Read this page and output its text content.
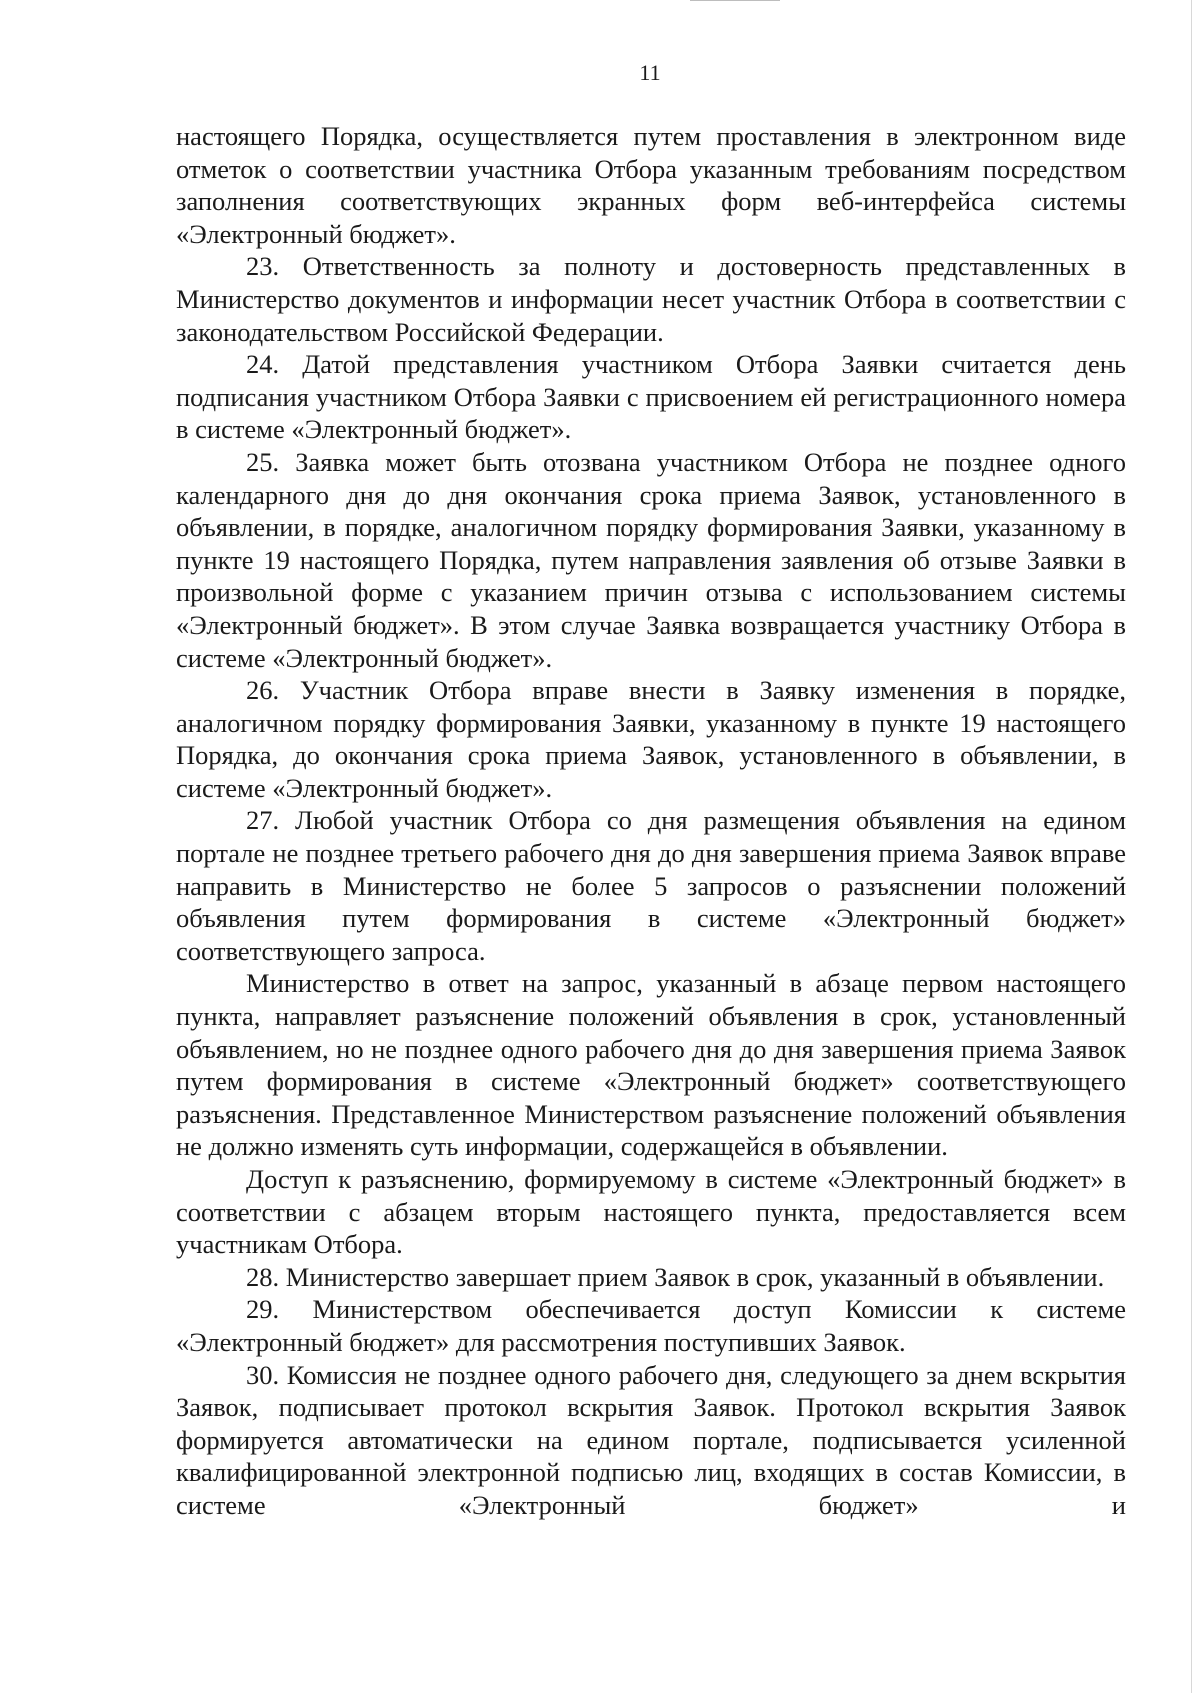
11

настоящего Порядка, осуществляется путем проставления в электронном виде отметок о соответствии участника Отбора указанным требованиям посредством заполнения соответствующих экранных форм веб-интерфейса системы «Электронный бюджет».

23. Ответственность за полноту и достоверность представленных в Министерство документов и информации несет участник Отбора в соответствии с законодательством Российской Федерации.

24. Датой представления участником Отбора Заявки считается день подписания участником Отбора Заявки с присвоением ей регистрационного номера в системе «Электронный бюджет».

25. Заявка может быть отозвана участником Отбора не позднее одного календарного дня до дня окончания срока приема Заявок, установленного в объявлении, в порядке, аналогичном порядку формирования Заявки, указанному в пункте 19 настоящего Порядка, путем направления заявления об отзыве Заявки в произвольной форме с указанием причин отзыва с использованием системы «Электронный бюджет». В этом случае Заявка возвращается участнику Отбора в системе «Электронный бюджет».

26. Участник Отбора вправе внести в Заявку изменения в порядке, аналогичном порядку формирования Заявки, указанному в пункте 19 настоящего Порядка, до окончания срока приема Заявок, установленного в объявлении, в системе «Электронный бюджет».

27. Любой участник Отбора со дня размещения объявления на едином портале не позднее третьего рабочего дня до дня завершения приема Заявок вправе направить в Министерство не более 5 запросов о разъяснении положений объявления путем формирования в системе «Электронный бюджет» соответствующего запроса.

Министерство в ответ на запрос, указанный в абзаце первом настоящего пункта, направляет разъяснение положений объявления в срок, установленный объявлением, но не позднее одного рабочего дня до дня завершения приема Заявок путем формирования в системе «Электронный бюджет» соответствующего разъяснения. Представленное Министерством разъяснение положений объявления не должно изменять суть информации, содержащейся в объявлении.

Доступ к разъяснению, формируемому в системе «Электронный бюджет» в соответствии с абзацем вторым настоящего пункта, предоставляется всем участникам Отбора.

28. Министерство завершает прием Заявок в срок, указанный в объявлении.

29. Министерством обеспечивается доступ Комиссии к системе «Электронный бюджет» для рассмотрения поступивших Заявок.

30. Комиссия не позднее одного рабочего дня, следующего за днем вскрытия Заявок, подписывает протокол вскрытия Заявок. Протокол вскрытия Заявок формируется автоматически на едином портале, подписывается усиленной квалифицированной электронной подписью лиц, входящих в состав Комиссии, в системе «Электронный бюджет» и
